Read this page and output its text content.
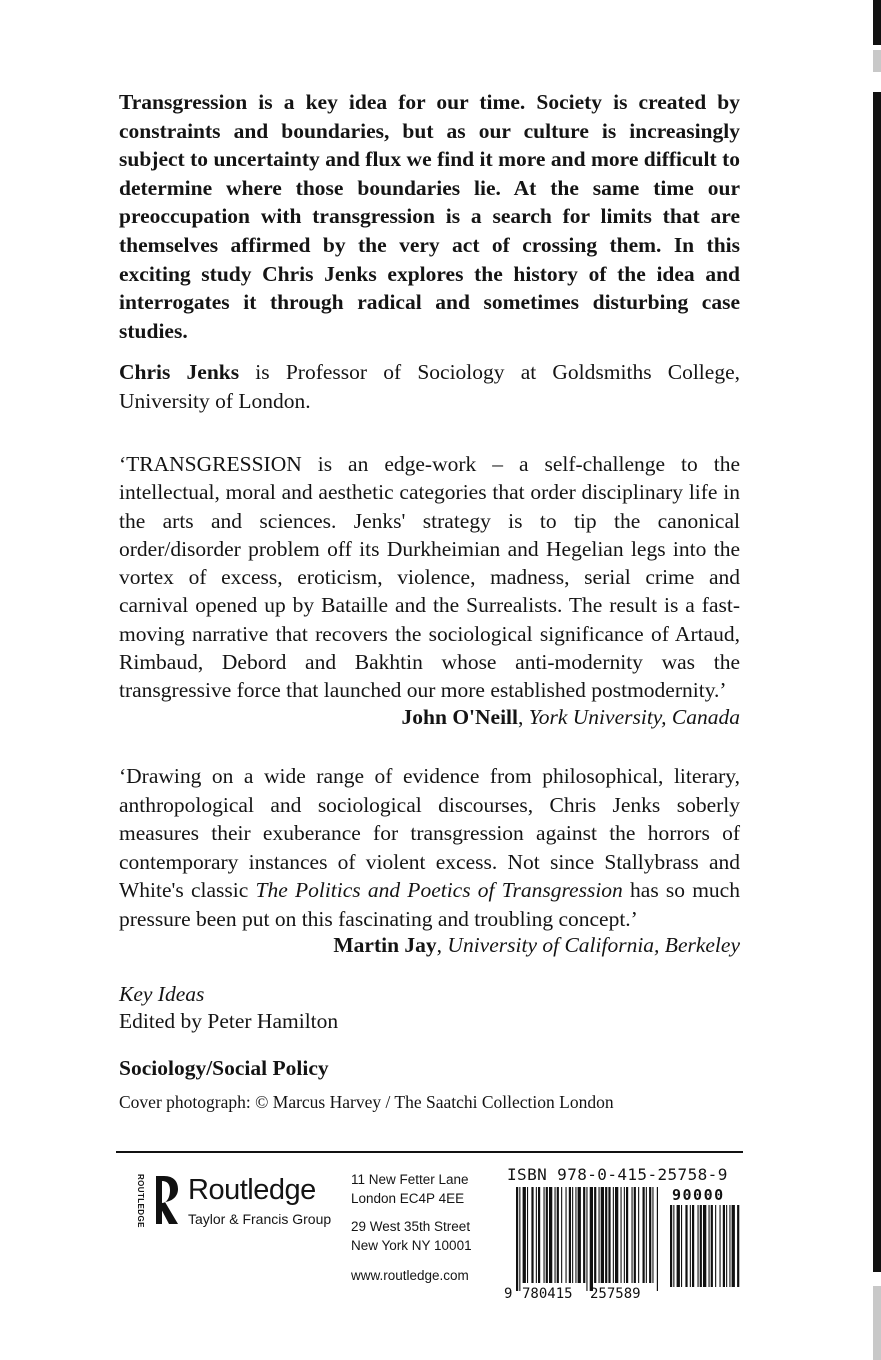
Transgression is a key idea for our time. Society is created by constraints and boundaries, but as our culture is increasingly subject to uncertainty and flux we find it more and more difficult to determine where those boundaries lie. At the same time our preoccupation with transgression is a search for limits that are themselves affirmed by the very act of crossing them. In this exciting study Chris Jenks explores the history of the idea and interrogates it through radical and sometimes disturbing case studies.
Chris Jenks is Professor of Sociology at Goldsmiths College, University of London.
‘TRANSGRESSION is an edge-work – a self-challenge to the intellectual, moral and aesthetic categories that order disciplinary life in the arts and sciences. Jenks' strategy is to tip the canonical order/disorder problem off its Durkheimian and Hegelian legs into the vortex of excess, eroticism, violence, madness, serial crime and carnival opened up by Bataille and the Surrealists. The result is a fast-moving narrative that recovers the sociological significance of Artaud, Rimbaud, Debord and Bakhtin whose anti-modernity was the transgressive force that launched our more established postmodernity.’
John O'Neill, York University, Canada
‘Drawing on a wide range of evidence from philosophical, literary, anthropological and sociological discourses, Chris Jenks soberly measures their exuberance for transgression against the horrors of contemporary instances of violent excess. Not since Stallybrass and White's classic The Politics and Poetics of Transgression has so much pressure been put on this fascinating and troubling concept.’
Martin Jay, University of California, Berkeley
Key Ideas
Edited by Peter Hamilton
Sociology/Social Policy
Cover photograph: © Marcus Harvey / The Saatchi Collection London
ROUTLEDGE Routledge
Taylor & Francis Group
11 New Fetter Lane
London EC4P 4EE
29 West 35th Street
New York NY 10001
www.routledge.com
ISBN 978-0-415-25758-9
90000
9 780415 257589
